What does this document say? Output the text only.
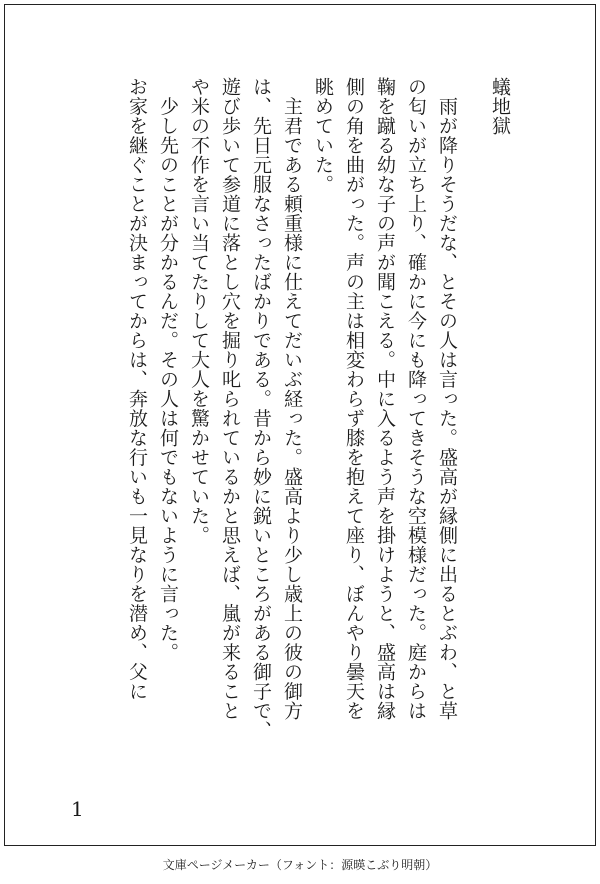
蟻地獄
　雨が降りそうだな、とその人は言った。盛高が縁側に出るとぶわ、と草
の匂いが立ち上り、確かに今にも降ってきそうな空模様だった。庭からは
鞠を蹴る幼な子の声が聞こえる。中に入るよう声を掛けようと、盛高は縁
側の角を曲がった。声の主は相変わらず膝を抱えて座り、ぼんやり曇天を
眺めていた。
　主君である頼重様に仕えてだいぶ経った。盛高より少し歳上の彼の御方
は、先日元服なさったばかりである。昔から妙に鋭いところがある御子で、
遊び歩いて参道に落とし穴を掘り叱られているかと思えば、嵐が来ること
や米の不作を言い当てたりして大人を驚かせていた。
　少し先のことが分かるんだ。その人は何でもないように言った。
お家を継ぐことが決まってからは、奔放な行いも一見なりを潜め、父に
1
文庫ページメーカー（フォント：源暎こぶり明朝）
